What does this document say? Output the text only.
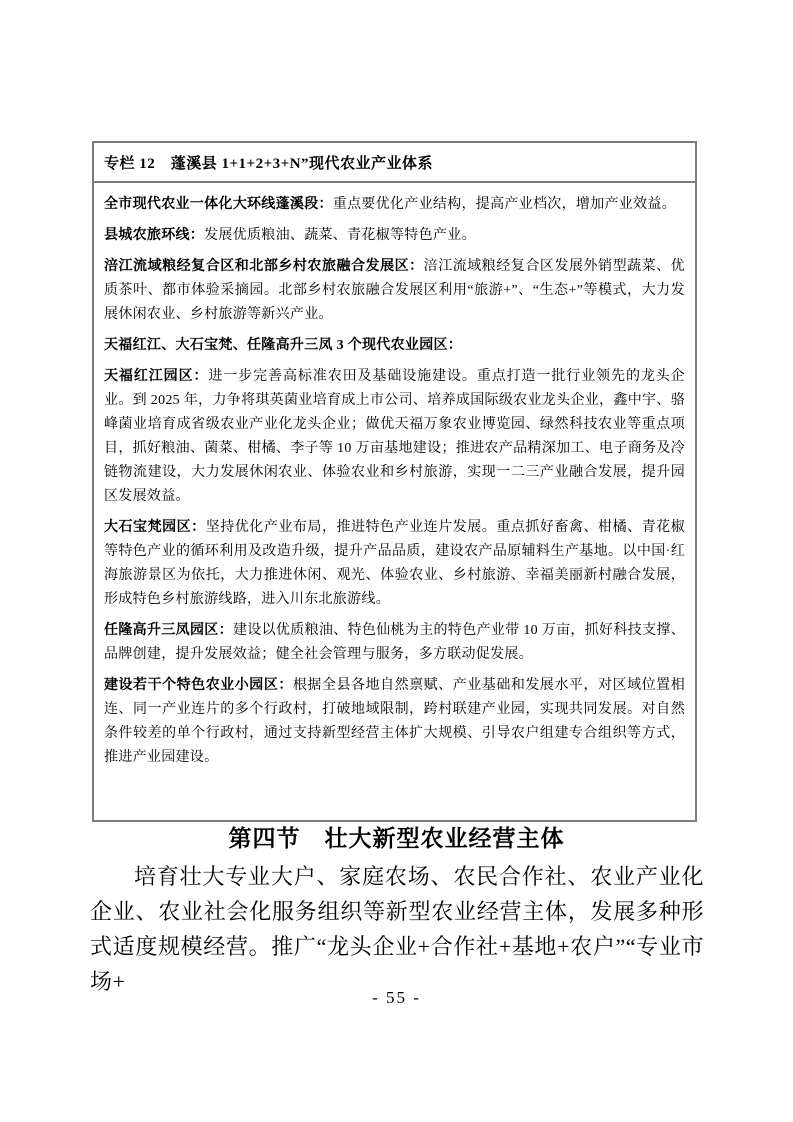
专栏 12　蓬溪县 1+1+2+3+N”现代农业产业体系

全市现代农业一体化大环线蓬溪段：重点要优化产业结构，提高产业档次，增加产业效益。

县城农旅环线：发展优质粮油、蔬菜、青花椒等特色产业。

涪江流域粮经复合区和北部乡村农旅融合发展区：涪江流域粮经复合区发展外销型蔬菜、优质茶叶、都市体验采摘园。北部乡村农旅融合发展区利用“旅游+”、“生态+”等模式，大力发展休闲农业、乡村旅游等新兴产业。

天福红江、大石宝梵、任隆高升三凤 3 个现代农业园区：

天福红江园区：进一步完善高标准农田及基础设施建设。重点打造一批行业领先的龙头企业。到 2025 年，力争将琪英菌业培育成上市公司、培养成国际级农业龙头企业，鑫中宇、骆峰菌业培育成省级农业产业化龙头企业；做优天福万象农业博览园、绿然科技农业等重点项目，抓好粮油、菌菜、柑橘、李子等 10 万亩基地建设；推进农产品精深加工、电子商务及冷链物流建设，大力发展休闲农业、体验农业和乡村旅游，实现一二三产业融合发展，提升园区发展效益。

大石宝梵园区：坚持优化产业布局，推进特色产业连片发展。重点抓好畜禽、柑橘、青花椒等特色产业的循环利用及改造升级，提升产品品质，建设农产品原辅料生产基地。以中国·红海旅游景区为依托，大力推进休闲、观光、体验农业、乡村旅游、幸福美丽新村融合发展，形成特色乡村旅游线路，进入川东北旅游线。

任隆高升三凤园区：建设以优质粮油、特色仙桃为主的特色产业带 10 万亩，抓好科技支撑、品牌创建，提升发展效益；健全社会管理与服务，多方联动促发展。

建设若干个特色农业小园区：根据全县各地自然禀赋、产业基础和发展水平，对区域位置相连、同一产业连片的多个行政村，打破地域限制，跨村联建产业园，实现共同发展。对自然条件较差的单个行政村，通过支持新型经营主体扩大规模、引导农户组建专合组织等方式，推进产业园建设。

第四节　壮大新型农业经营主体
培育壮大专业大户、家庭农场、农民合作社、农业产业化企业、农业社会化服务组织等新型农业经营主体，发展多种形式适度规模经营。推广“龙头企业+合作社+基地+农户”“专业市场+
- 55 -
